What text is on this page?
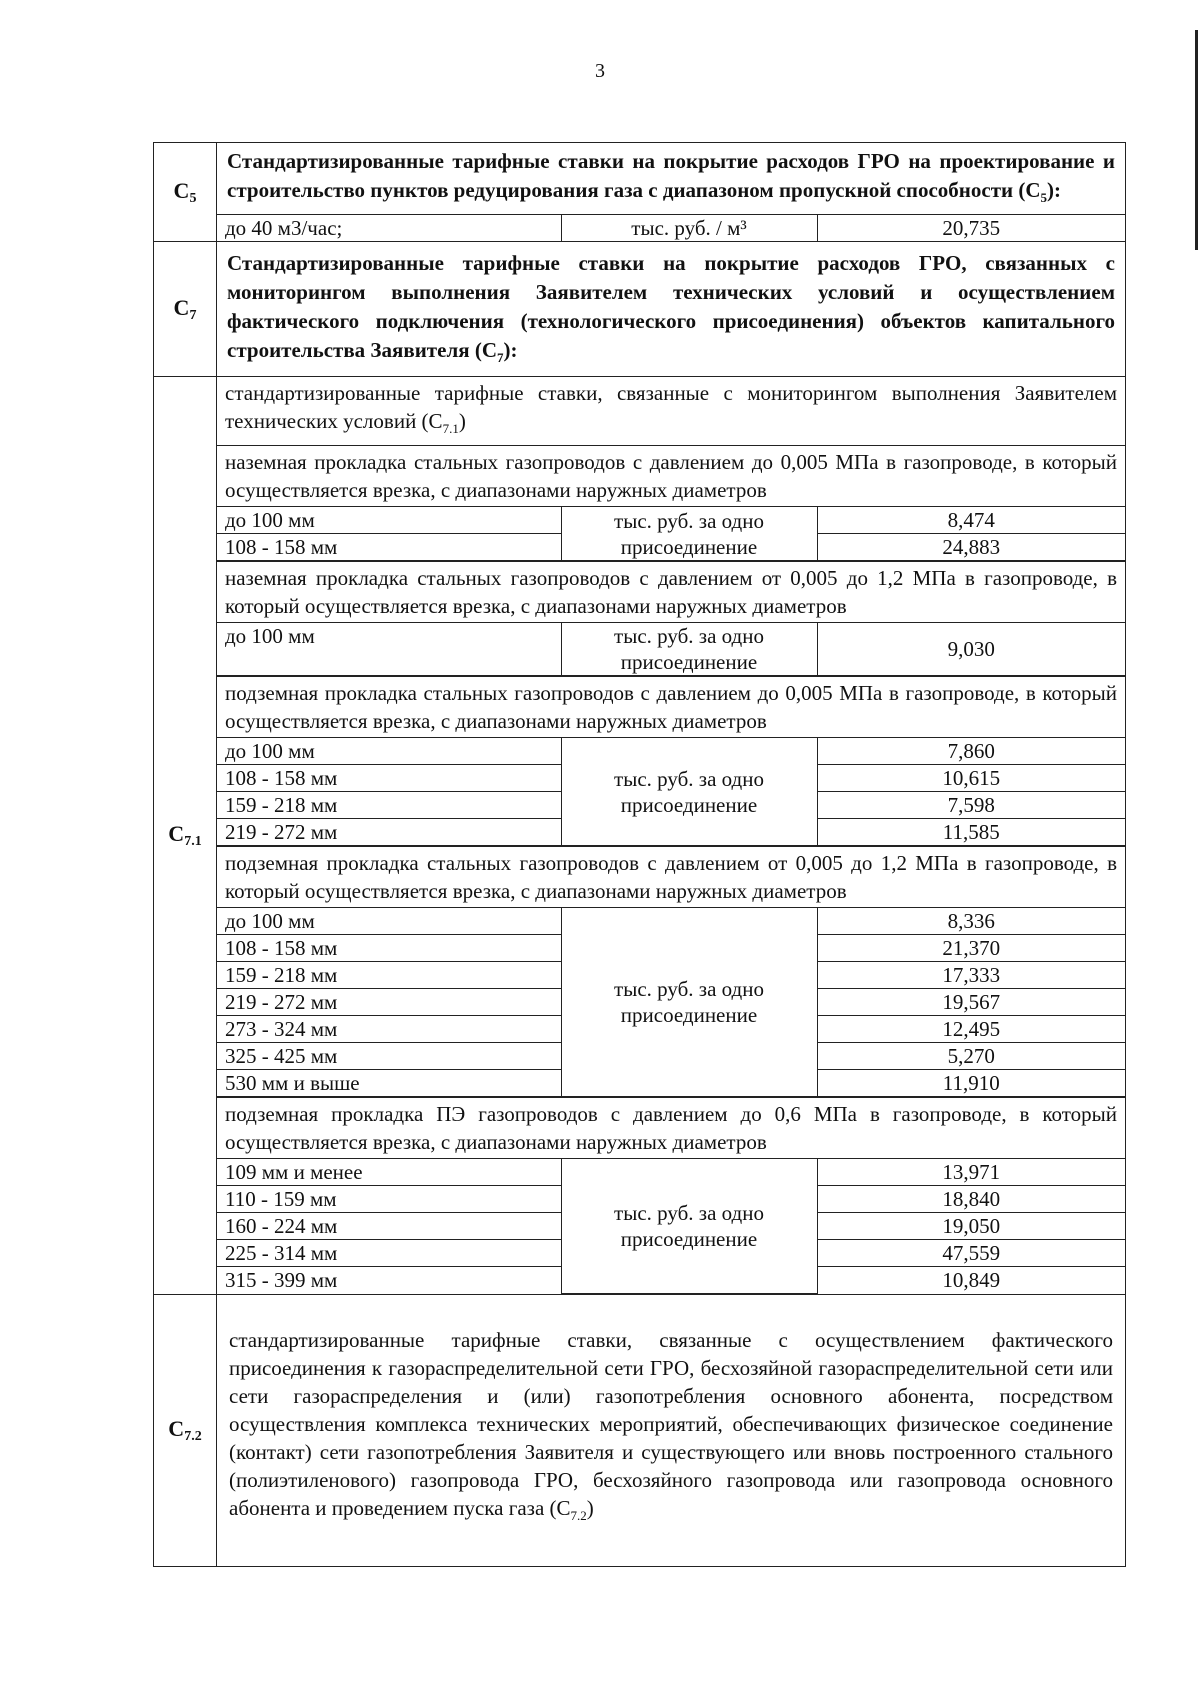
3
$C_5$	
Стандартизированные тарифные ставки на покрытие расходов ГРО на проектирование и строительство пунктов редуцирования газа с диапазоном пропускной способности $(С_5)$:
до 40 м3/час;	тыс. руб. / м³	20,735

$C_7$	
Стандартизированные тарифные ставки на покрытие расходов ГРО, связанных с мониторингом выполнения Заявителем технических условий и осуществлением фактического подключения (технологического присоединения) объектов капитального строительства Заявителя $(С_7)$:

$C_{7.1}$	
стандартизированные тарифные ставки, связанные с мониторингом выполнения Заявителем технических условий $(С_{7.1})$
наземная прокладка стальных газопроводов с давлением до 0,005 МПа в газопроводе, в который осуществляется врезка, с диапазонами наружных диаметров
до 100 мм	тыс. руб. за одно присоединение	8,474
108 - 158 мм	24,883
наземная прокладка стальных газопроводов с давлением от 0,005 до 1,2 МПа в газопроводе, в который осуществляется врезка, с диапазонами наружных диаметров
до 100 мм	тыс. руб. за одно присоединение	9,030
подземная прокладка стальных газопроводов с давлением до 0,005 МПа в газопроводе, в который осуществляется врезка, с диапазонами наружных диаметров
до 100 мм	тыс. руб. за одно присоединение	7,860
108 - 158 мм	10,615
159 - 218 мм	7,598
219 - 272 мм	11,585
подземная прокладка стальных газопроводов с давлением от 0,005 до 1,2 МПа в газопроводе, в который осуществляется врезка, с диапазонами наружных диаметров
до 100 мм	тыс. руб. за одно присоединение	8,336
108 - 158 мм	21,370
159 - 218 мм	17,333
219 - 272 мм	19,567
273 - 324 мм	12,495
325 - 425 мм	5,270
530 мм и выше	11,910
подземная прокладка ПЭ газопроводов с давлением до 0,6 МПа в газопроводе, в который осуществляется врезка, с диапазонами наружных диаметров
109 мм и менее	тыс. руб. за одно присоединение	13,971
110 - 159 мм	18,840
160 - 224 мм	19,050
225 - 314 мм	47,559
315 - 399 мм	10,849

$C_{7.2}$	
стандартизированные тарифные ставки, связанные с осуществлением фактического присоединения к газораспределительной сети ГРО, бесхозяйной газораспределительной сети или сети газораспределения и (или) газопотребления основного абонента, посредством осуществления комплекса технических мероприятий, обеспечивающих физическое соединение (контакт) сети газопотребления Заявителя и существующего или вновь построенного стального (полиэтиленового) газопровода ГРО, бесхозяйного газопровода или газопровода основного абонента и проведением пуска газа $(С_{7.2})$
